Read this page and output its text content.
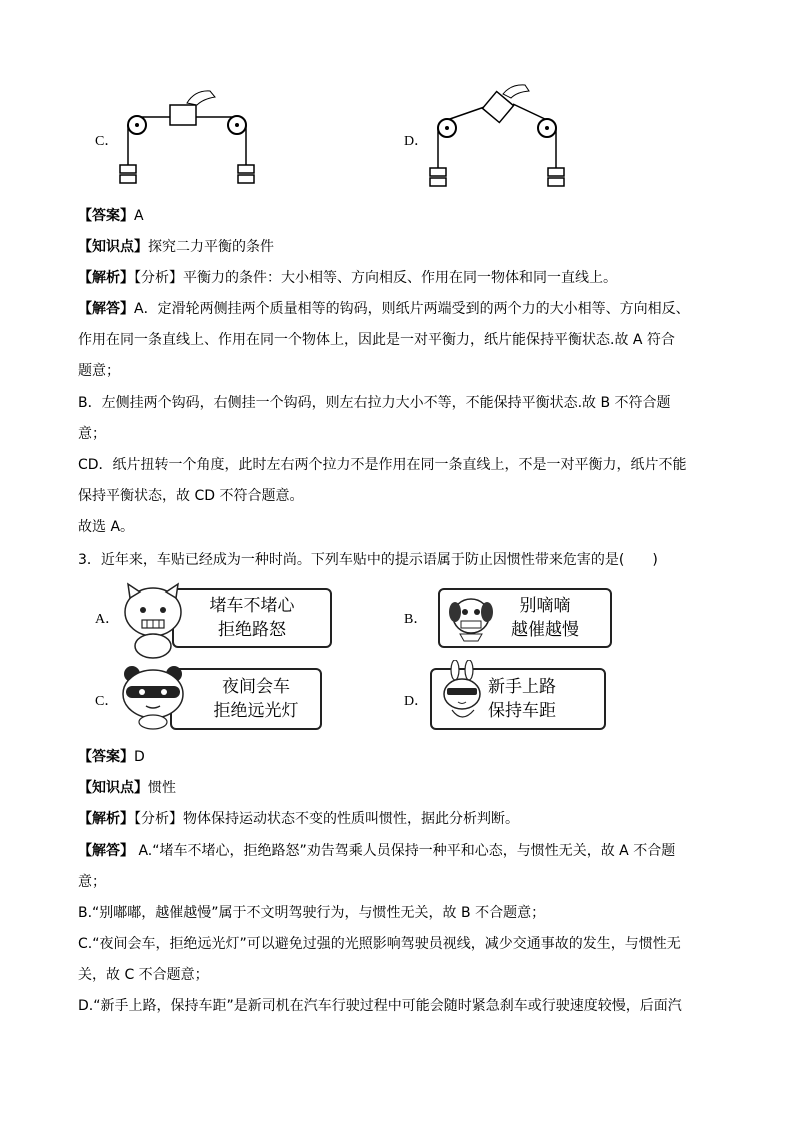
C．	D．
【答案】A
【知识点】探究二力平衡的条件
【解析】【分析】平衡力的条件：大小相等、方向相反、作用在同一物体和同一直线上。
【解答】A．定滑轮两侧挂两个质量相等的钩码，则纸片两端受到的两个力的大小相等、方向相反、
作用在同一条直线上、作用在同一个物体上，因此是一对平衡力，纸片能保持平衡状态.故 A 符合
题意；
B．左侧挂两个钩码，右侧挂一个钩码，则左右拉力大小不等，不能保持平衡状态.故 B 不符合题
意；
CD．纸片扭转一个角度，此时左右两个拉力不是作用在同一条直线上，不是一对平衡力，纸片不能
保持平衡状态，故 CD 不符合题意。
故选 A。
3．近年来，车贴已经成为一种时尚。下列车贴中的提示语属于防止因惯性带来危害的是(　　)
A．
堵车不堵心
拒绝路怒
B．
别嘀嘀
越催越慢
C．
夜间会车
拒绝远光灯	D．
新手上路
保持车距
【答案】D
【知识点】惯性
【解析】【分析】物体保持运动状态不变的性质叫惯性，据此分析判断。
【解答】 A.“堵车不堵心，拒绝路怒”劝告驾乘人员保持一种平和心态，与惯性无关，故 A 不合题
意；
B.“别嘟嘟，越催越慢”属于不文明驾驶行为，与惯性无关，故 B 不合题意；
C.“夜间会车，拒绝远光灯”可以避免过强的光照影响驾驶员视线，减少交通事故的发生，与惯性无
关，故 C 不合题意；
D.“新手上路，保持车距”是新司机在汽车行驶过程中可能会随时紧急刹车或行驶速度较慢，后面汽
